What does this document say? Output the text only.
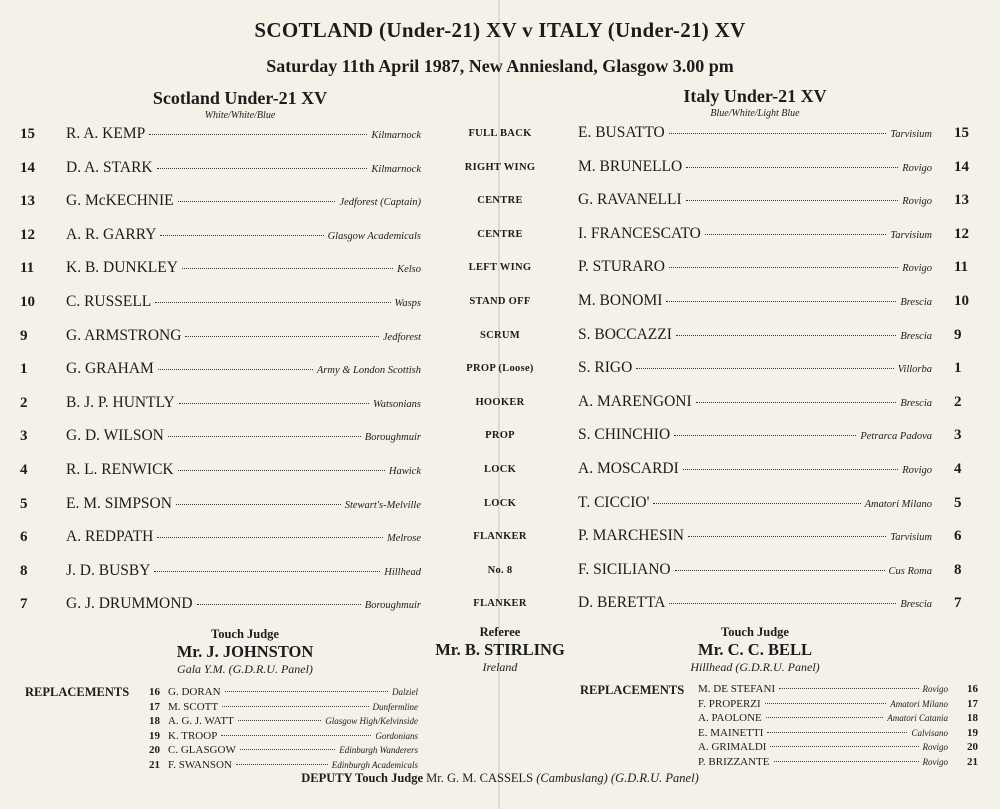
SCOTLAND (Under-21) XV v ITALY (Under-21) XV
Saturday 11th April 1987, New Anniesland, Glasgow 3.00 pm
Scotland Under-21 XV
White/White/Blue
Italy Under-21 XV
Blue/White/Light Blue
15	R. A. KEMP	Kilmarnock	FULL BACK	E. BUSATTO	Tarvisium 15
14	D. A. STARK	Kilmarnock	RIGHT WING	M. BRUNELLO	Rovigo 14
13	G. McKECHNIE	Jedforest (Captain)	CENTRE	G. RAVANELLI	Rovigo 13
12	A. R. GARRY	Glasgow Academicals	CENTRE	I. FRANCESCATO	Tarvisium 12
11	K. B. DUNKLEY	Kelso	LEFT WING	P. STURARO	Rovigo 11
10	C. RUSSELL	Wasps	STAND OFF	M. BONOMI	Brescia 10
9	G. ARMSTRONG	Jedforest	SCRUM	S. BOCCAZZI	Brescia 9
1	G. GRAHAM	Army & London Scottish	PROP (Loose)	S. RIGO	Villorba 1
2	B. J. P. HUNTLY	Watsonians	HOOKER	A. MARENGONI	Brescia 2
3	G. D. WILSON	Boroughmuir	PROP	S. CHINCHIO	Petrarca Padova 3
4	R. L. RENWICK	Hawick	LOCK	A. MOSCARDI	Rovigo 4
5	E. M. SIMPSON	Stewart's-Melville	LOCK	T. CICCIO'	Amatori Milano 5
6	A. REDPATH	Melrose	FLANKER	P. MARCHESIN	Tarvisium 6
8	J. D. BUSBY	Hillhead	No. 8	F. SICILIANO	Cus Roma 8
7	G. J. DRUMMOND	Boroughmuir	FLANKER	D. BERETTA	Brescia 7
Touch Judge
Mr. J. JOHNSTON
Gala Y.M. (G.D.R.U. Panel)
Referee
Mr. B. STIRLING
Ireland
Touch Judge
Mr. C. C. BELL
Hillhead (G.D.R.U. Panel)
REPLACEMENTS	REPLACEMENTS
16 G. DORAN	Dalziel
17 M. SCOTT	Dunfermline
18 A. G. J. WATT	Glasgow High/Kelvinside
19 K. TROOP	Gordonians
20 C. GLASGOW	Edinburgh Wanderers
21 F. SWANSON	Edinburgh Academicals
M. DE STEFANI	Rovigo	16
F. PROPERZI	Amatori Milano	17
A. PAOLONE	Amatori Catania	18
E. MAINETTI	Calvisano	19
A. GRIMALDI	Rovigo	20
P. BRIZZANTE	Rovigo	21
DEPUTY Touch Judge Mr. G. M. CASSELS (Cambuslang) (G.D.R.U. Panel)
